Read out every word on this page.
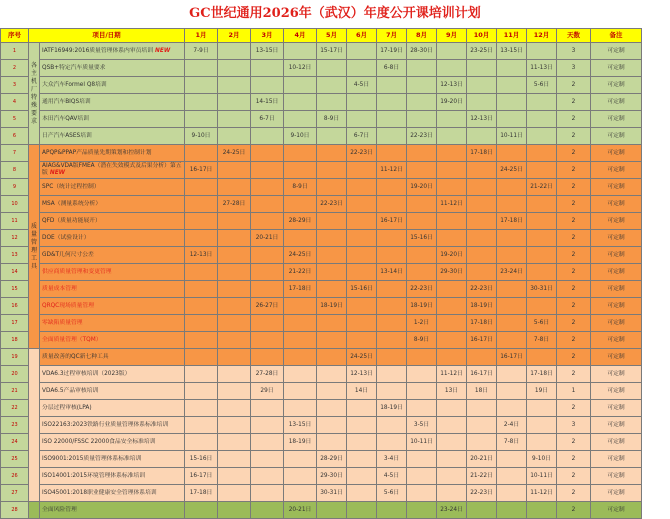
GC世纪通用2026年（武汉）年度公开课培训计划
序号	项目/日期		1月	2月	3月	4月	5月	6月	7月	8月	9月	10月	11月	12月	天数	备注
1	各主机厂特殊要求	IATF16949:2016质量管理体系内审员培训 NEW	7-9日		13-15日		15-17日		17-19日	28-30日		23-25日	13-15日		3	可定制
2		QSB+特定汽车质量要求				10-12日			6-8日					11-13日	3	可定制
3		大众汽车Formel Q8培训						4-5日			12-13日			5-6日	2	可定制
4		通用汽车BIQS培训			14-15日						19-20日				2	可定制
5		本田汽车QAV培训			6-7日		8-9日					12-13日			2	可定制
6		日产汽车ASES培训	9-10日			9-10日		6-7日		22-23日			10-11日		2	可定制
7	质量管理工具	APQP&PPAP产品质量先期策划和控制计划		24-25日				22-23日				17-18日			2	可定制
8		AIAG&VDA版FMEA（潜在失效模式及后果分析）第五版 NEW	16-17日						11-12日				24-25日		2	可定制
9		SPC（统计过程控制）				8-9日				19-20日				21-22日	2	可定制
10		MSA（测量系统分析）		27-28日			22-23日				11-12日				2	可定制
11		QFD（质量功能展开）				28-29日			16-17日				17-18日		2	可定制
12		DOE（试验设计）			20-21日					15-16日					2	可定制
13		GD&T几何尺寸公差	12-13日			24-25日					19-20日				2	可定制
14		供应商质量管理和变更管理				21-22日			13-14日		29-30日		23-24日		2	可定制
15		质量成本管理				17-18日		15-16日		22-23日		22-23日		30-31日	2	可定制
16		QRQC现场质量管理			26-27日		18-19日			18-19日		18-19日			2	可定制
17		零缺陷质量管理								1-2日		17-18日		5-6日	2	可定制
18		全面质量管理（TQM）								8-9日		16-17日		7-8日	2	可定制
19		质量改善的QC新七种工具						24-25日					16-17日		2	可定制
20		VDA6.3过程审核培训（2023版）			27-28日			12-13日			11-12日	16-17日		17-18日	2	可定制
21		VDA6.5产品审核培训			29日			14日			13日	18日		19日	1	可定制
22		分层过程审核(LPA)							18-19日						2	可定制
23		ISO22163:2023铁路行业质量管理体系标准培训				13-15日				3-5日			2-4日		3	可定制
24		ISO 22000/FSSC 22000食品安全标准培训				18-19日				10-11日			7-8日		2	可定制
25		ISO9001:2015质量管理体系标准培训	15-16日				28-29日		3-4日			20-21日		9-10日	2	可定制
26		ISO14001:2015环境管理体系标准培训	16-17日				29-30日		4-5日			21-22日		10-11日	2	可定制
27		ISO45001:2018职业健康安全管理体系培训	17-18日				30-31日		5-6日			22-23日		11-12日	2	可定制
28		全面风险管理				20-21日					23-24日				2	可定制
